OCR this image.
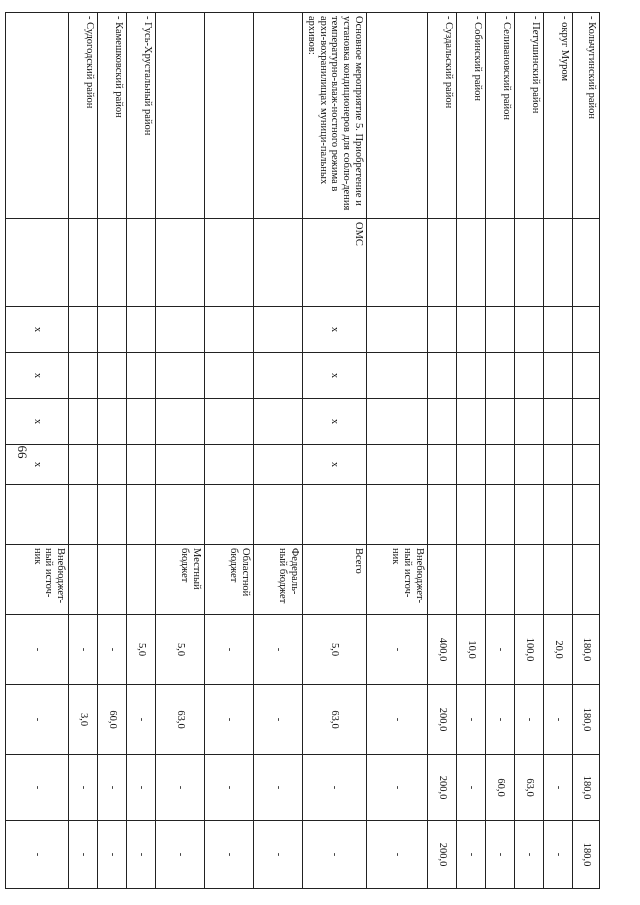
66
- Кольчугинский район								180,0	180,0	180,0	180,0	
- округ Муром								20,0	-	-	-	
- Петушинский район								100,0	-	63,0	-	
- Селивановский район								-	-	60,0	-	
- Собинский район								10,0	-	-	-	
- Суздальский район								400,0	200,0	200,0	200,0	
							Внебюджет-ный источ-ник	-	-	-	-	
Основное мероприятие 5. Приобретение и установка кондиционеров для соблю-дения температурно-влаж-ностного режима в архи-вохранилищах муници-пальных архивов:	ОМС	x	x	x	x		Всего	5,0	63,0	-	-	
							Федераль-ный бюджет	-	-	-	-	
							Областной бюджет	-	-	-	-	
							Местный бюджет	5,0	63,0	-	-	
- Гусь-Хрустальный район								5,0	-	-	-	
- Камешковский район								-	60,0	-	-	
- Судогодский район								-	3,0	-	-	
		x	x	x	x		Внебюджет-ный источ-ник	-	-	-	-	
